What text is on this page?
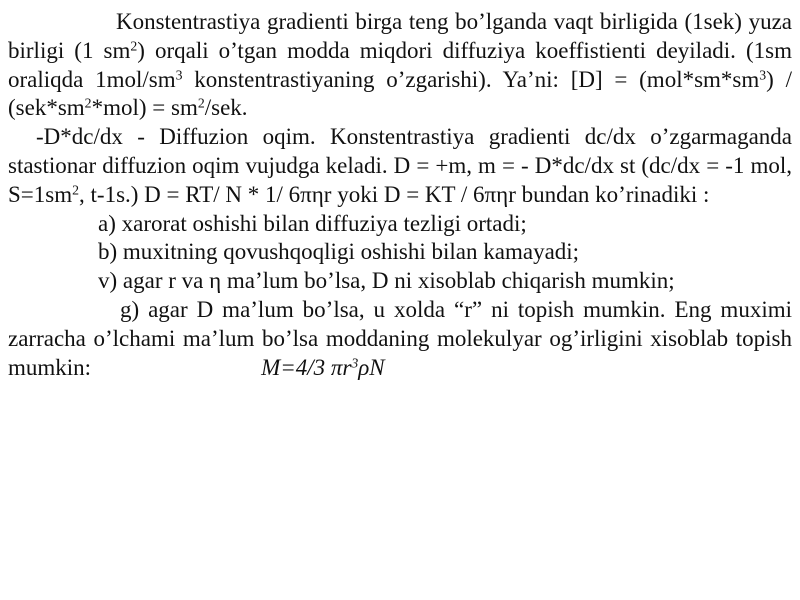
Konstentrastiya gradienti birga teng bo’lganda vaqt birligida (1sek) yuza birligi (1 $sm^2$) orqali o’tgan modda miqdori diffuziya koeffistienti deyiladi. (1sm oraliqda $1mol/sm^3$ konstentrastiyaning o’zgarishi). Ya’ni: $[D] = (mol*sm*sm^3) / (sek*sm^2*mol) = sm^2/sek$.

-D*dc/dx - Diffuzion oqim. Konstentrastiya gradienti dc/dx o’zgarmaganda stastionar diffuzion oqim vujudga keladi. D = +m, m = - D*dc/dx st (dc/dx = -1 mol, $S=1sm^2$, t-1s.) D = RT/ N * 1/ 6πηr yoki D = KT / 6πηr bundan ko’rinadiki :

a) xarorat oshishi bilan diffuziya tezligi ortadi;

b) muxitning qovushqoqligi oshishi bilan kamayadi;

v) agar r va η ma’lum bo’lsa, D ni xisoblab chiqarish mumkin;

g) agar D ma’lum bo’lsa, u хolda “r” ni topish mumkin. Eng muximi zarracha o’lchami ma’lum bo’lsa moddaning molekulyar og’irligini xisoblab topish mumkin:	M=4/3 $\pi r^3\rho N$
